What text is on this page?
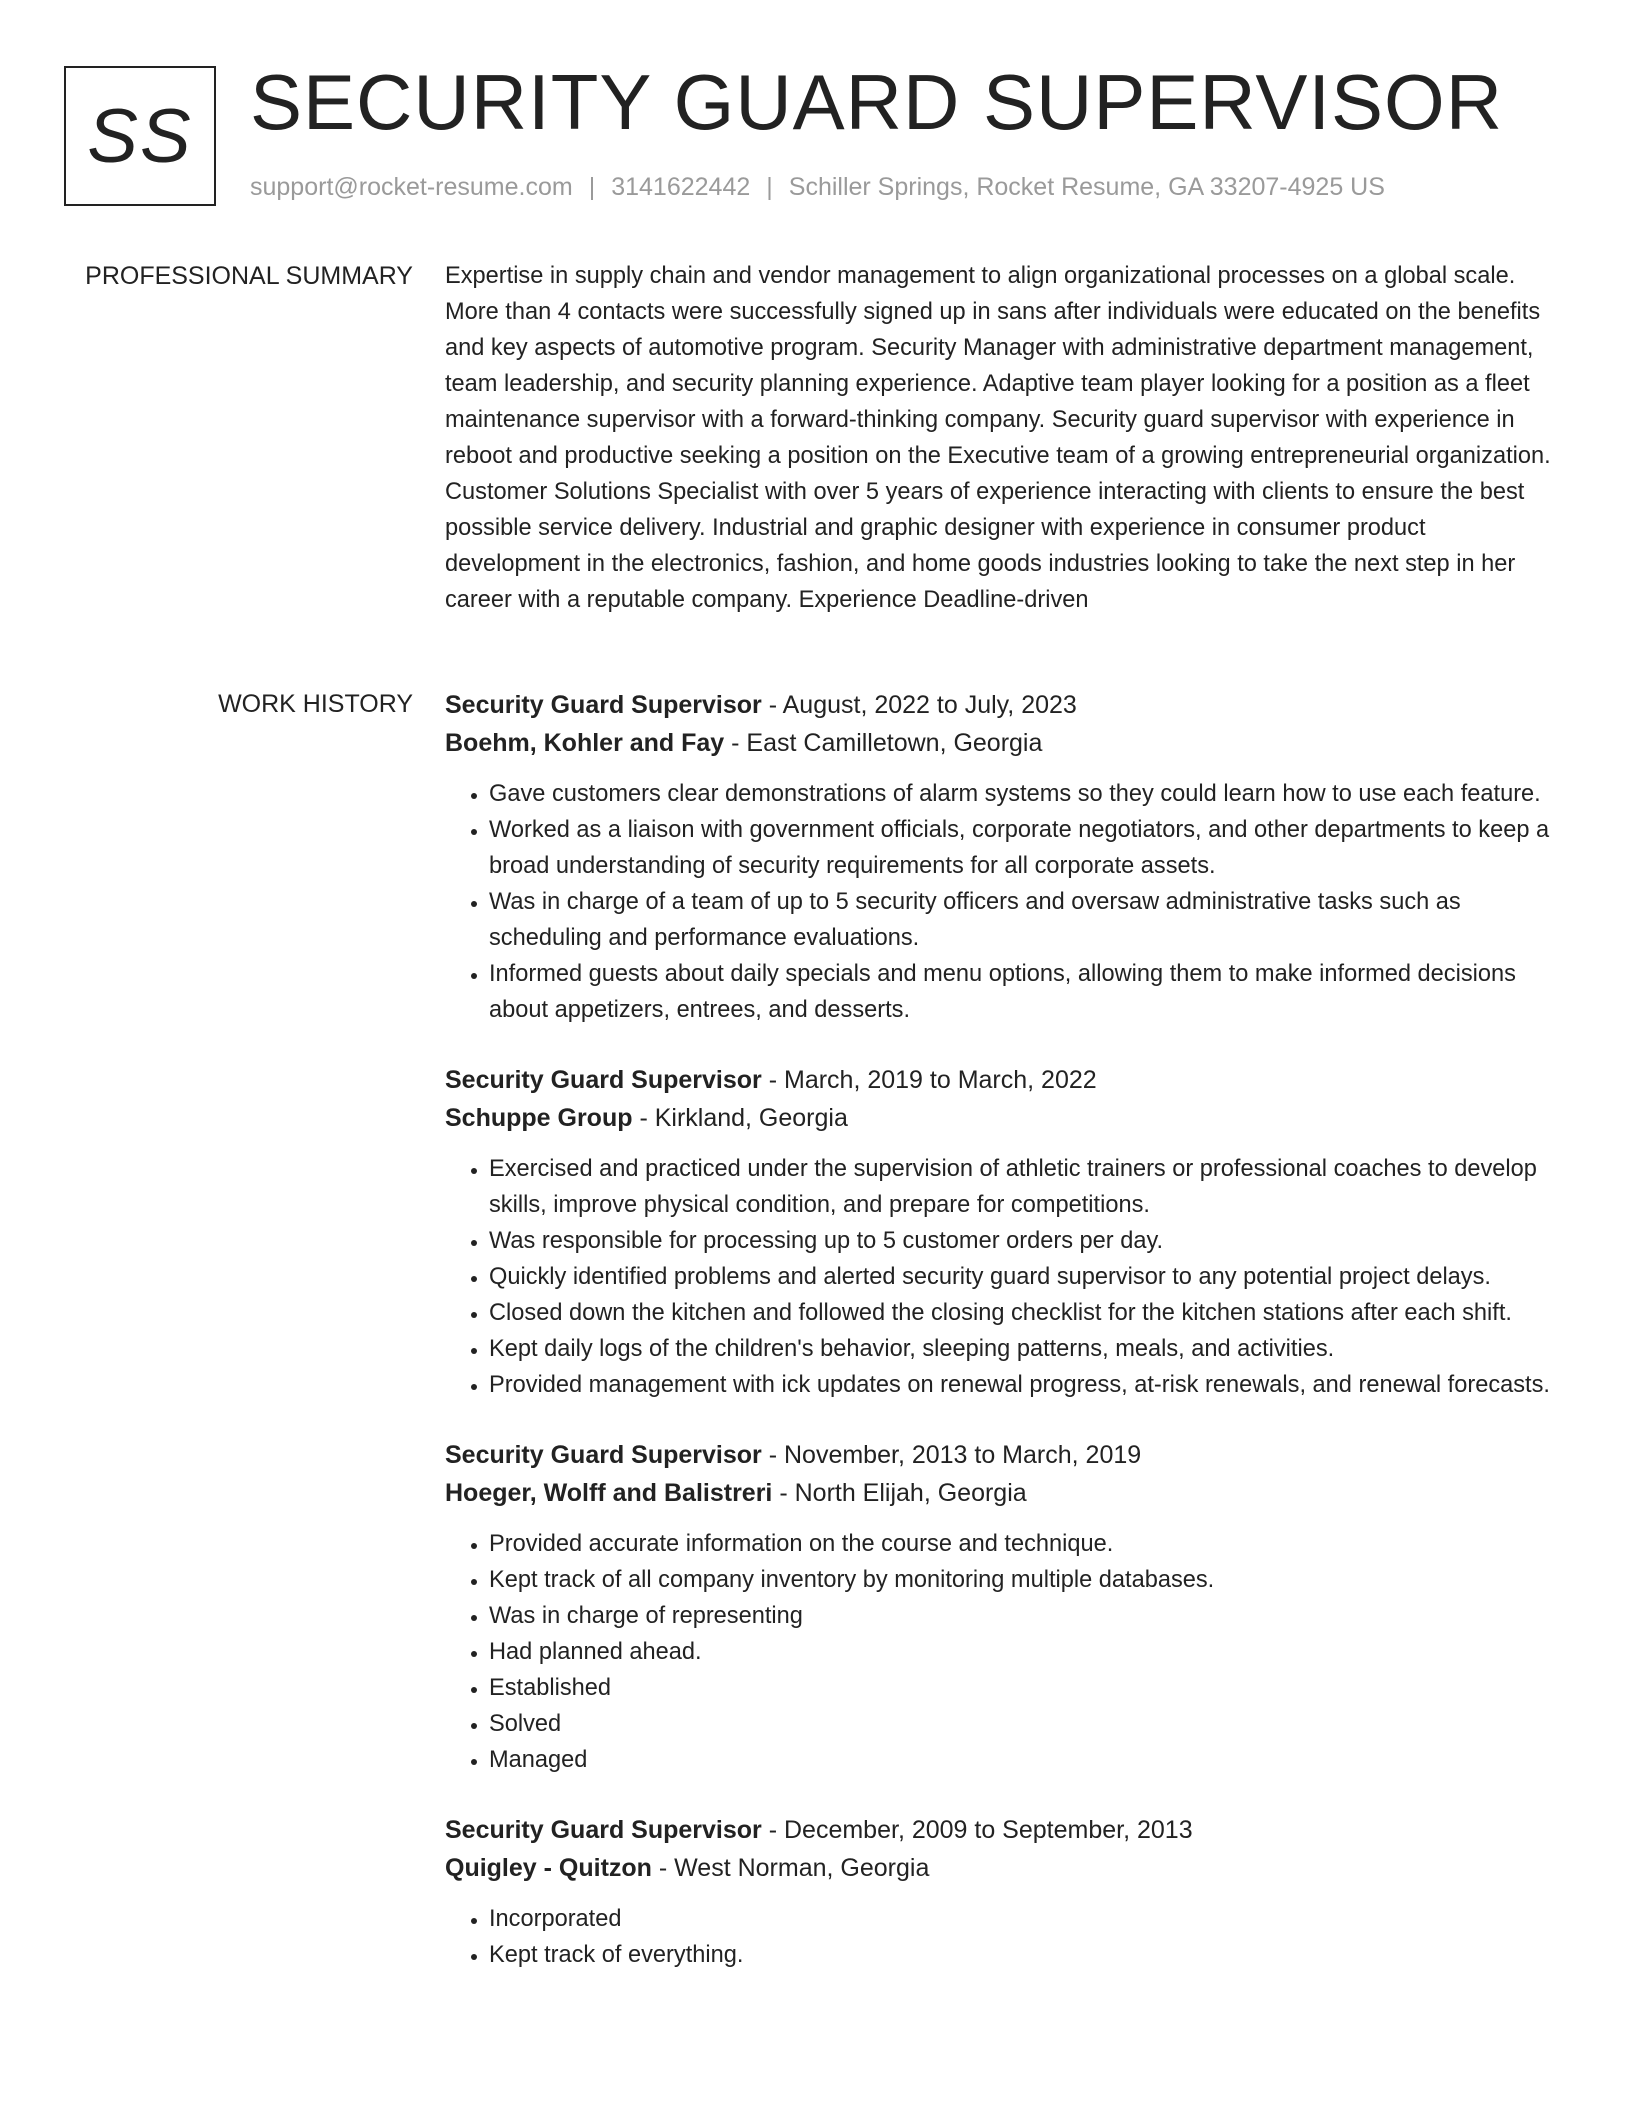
SS SECURITY GUARD SUPERVISOR
support@rocket-resume.com | 3141622442 | Schiller Springs, Rocket Resume, GA 33207-4925 US
PROFESSIONAL SUMMARY Expertise in supply chain and vendor management to align organizational processes on a global scale. More than 4 contacts were successfully signed up in sans after individuals were educated on the benefits and key aspects of automotive program. Security Manager with administrative department management, team leadership, and security planning experience. Adaptive team player looking for a position as a fleet maintenance supervisor with a forward-thinking company. Security guard supervisor with experience in reboot and productive seeking a position on the Executive team of a growing entrepreneurial organization. Customer Solutions Specialist with over 5 years of experience interacting with clients to ensure the best possible service delivery. Industrial and graphic designer with experience in consumer product development in the electronics, fashion, and home goods industries looking to take the next step in her career with a reputable company. Experience Deadline-driven

WORK HISTORY Security Guard Supervisor - August, 2022 to July, 2023
Boehm, Kohler and Fay - East Camilletown, Georgia
• Gave customers clear demonstrations of alarm systems so they could learn how to use each feature.
• Worked as a liaison with government officials, corporate negotiators, and other departments to keep a broad understanding of security requirements for all corporate assets.
• Was in charge of a team of up to 5 security officers and oversaw administrative tasks such as scheduling and performance evaluations.
• Informed guests about daily specials and menu options, allowing them to make informed decisions about appetizers, entrees, and desserts.
Security Guard Supervisor - March, 2019 to March, 2022
Schuppe Group - Kirkland, Georgia
• Exercised and practiced under the supervision of athletic trainers or professional coaches to develop skills, improve physical condition, and prepare for competitions.
• Was responsible for processing up to 5 customer orders per day.
• Quickly identified problems and alerted security guard supervisor to any potential project delays.
• Closed down the kitchen and followed the closing checklist for the kitchen stations after each shift.
• Kept daily logs of the children's behavior, sleeping patterns, meals, and activities.
• Provided management with ick updates on renewal progress, at-risk renewals, and renewal forecasts.
Security Guard Supervisor - November, 2013 to March, 2019
Hoeger, Wolff and Balistreri - North Elijah, Georgia
• Provided accurate information on the course and technique.
• Kept track of all company inventory by monitoring multiple databases.
• Was in charge of representing
• Had planned ahead.
• Established
• Solved
• Managed
Security Guard Supervisor - December, 2009 to September, 2013
Quigley - Quitzon - West Norman, Georgia
• Incorporated
• Kept track of everything.
